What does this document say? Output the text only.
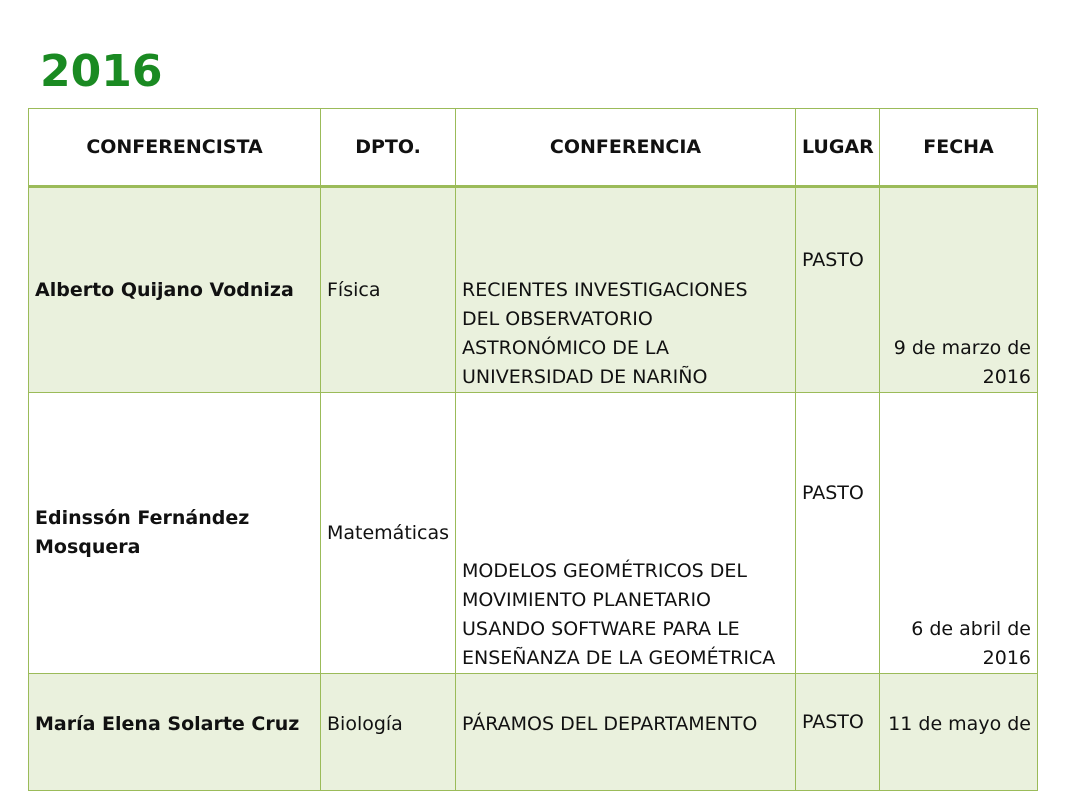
2016
CONFERENCISTA	DPTO.	CONFERENCIA	LUGAR	FECHA
Alberto Quijano Vodniza	Física	RECIENTES INVESTIGACIONES DEL OBSERVATORIO ASTRONÓMICO DE LA UNIVERSIDAD DE NARIÑO	PASTO	9 de marzo de 2016
Edinssón Fernández Mosquera	Matemáticas	MODELOS GEOMÉTRICOS DEL MOVIMIENTO PLANETARIO USANDO SOFTWARE PARA LE ENSEÑANZA DE LA GEOMÉTRICA	PASTO	6 de abril de 2016
María Elena Solarte Cruz	Biología	PÁRAMOS DEL DEPARTAMENTO	PASTO	11 de mayo de
